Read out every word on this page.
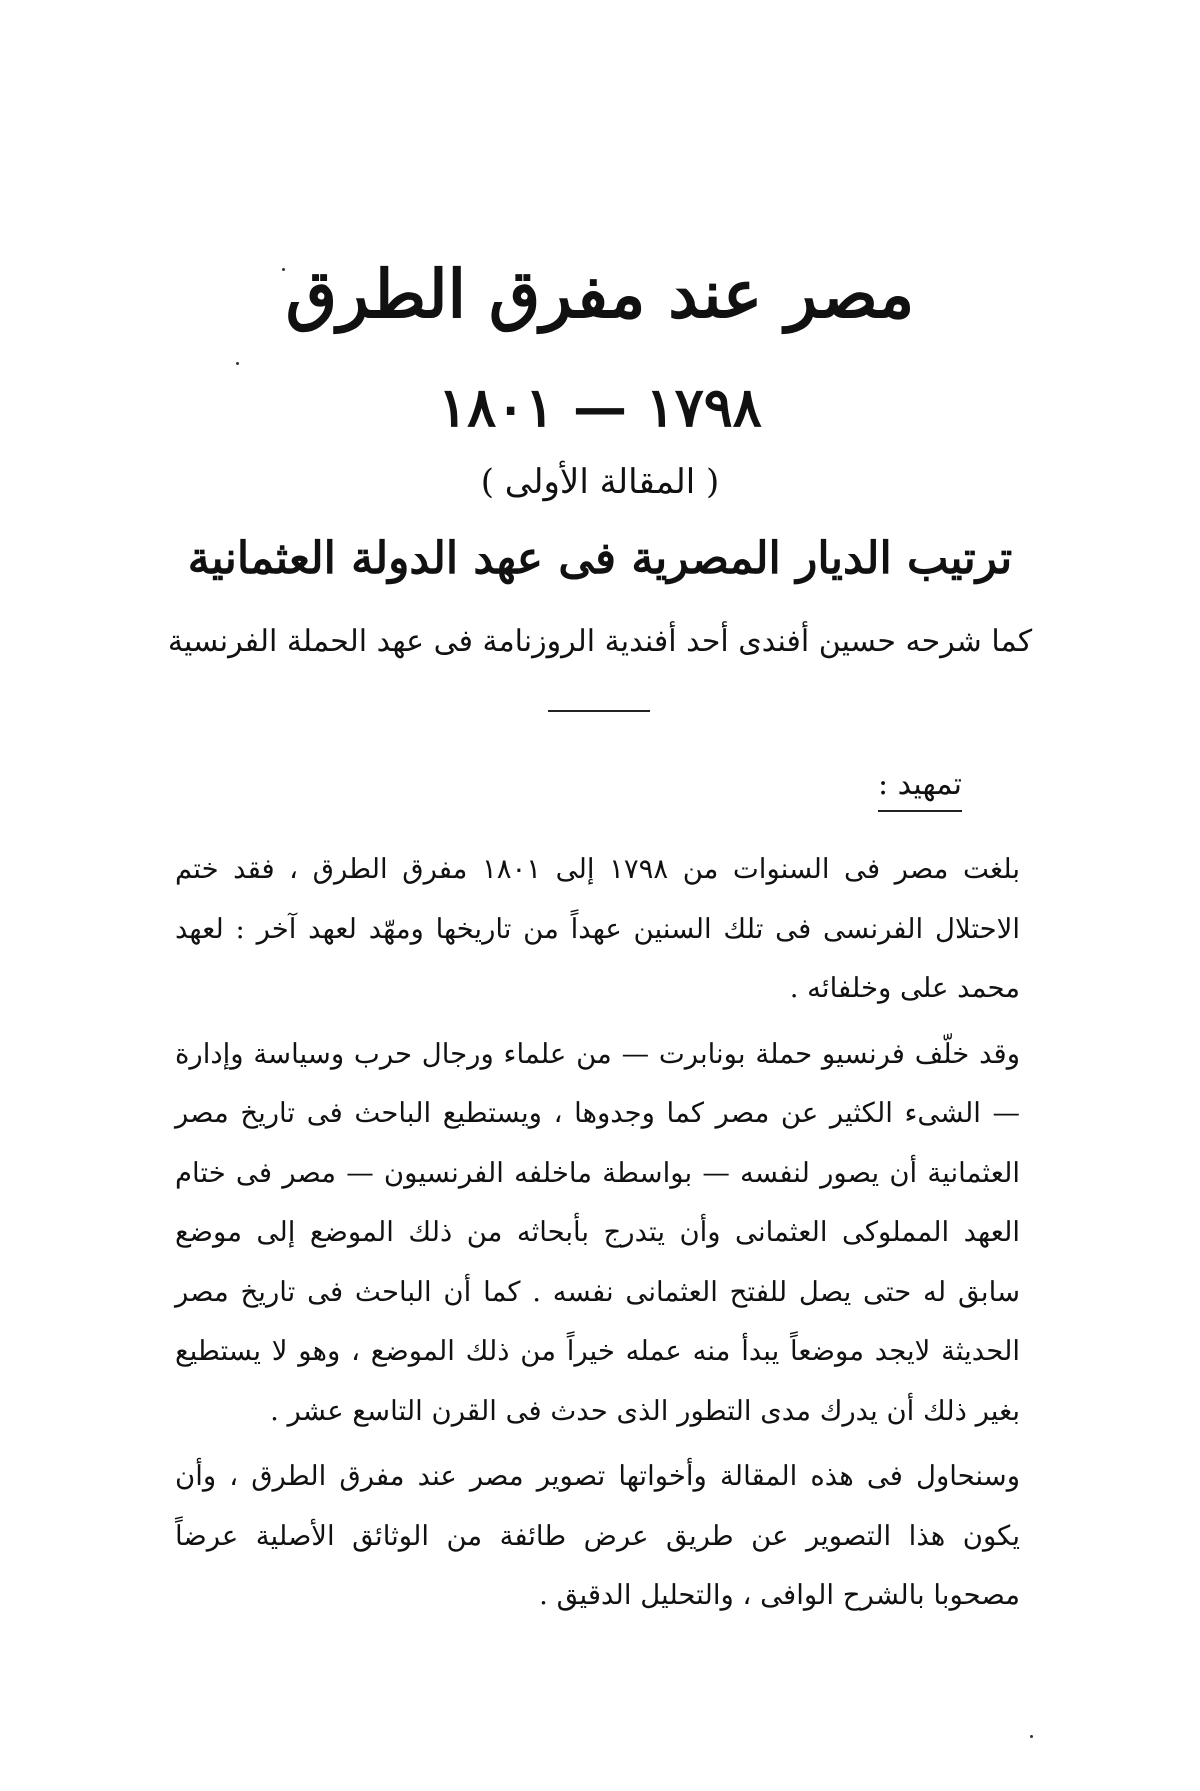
مصر عند مفرق الطرق
١٧٩٨ — ١٨٠١
( المقالة الأولى )
ترتيب الديار المصرية فى عهد الدولة العثمانية
كما شرحه حسين أفندى أحد أفندية الروزنامة فى عهد الحملة الفرنسية
تمهيد :

بلغت مصر فى السنوات من ١٧٩٨ إلى ١٨٠١ مفرق الطرق ، فقد ختم الاحتلال الفرنسى فى تلك السنين عهداً من تاريخها ومهّد لعهد آخر : لعهد محمد على وخلفائه .

وقد خلّف فرنسيو حملة بونابرت — من علماء ورجال حرب وسياسة وإدارة — الشىء الكثير عن مصر كما وجدوها ، ويستطيع الباحث فى تاريخ مصر العثمانية أن يصور لنفسه — بواسطة ماخلفه الفرنسيون — مصر فى ختام العهد المملوكى العثمانى وأن يتدرج بأبحاثه من ذلك الموضع إلى موضع سابق له حتى يصل للفتح العثمانى نفسه . كما أن الباحث فى تاريخ مصر الحديثة لايجد موضعاً يبدأ منه عمله خيراً من ذلك الموضع ، وهو لا يستطيع بغير ذلك أن يدرك مدى التطور الذى حدث فى القرن التاسع عشر .

وسنحاول فى هذه المقالة وأخواتها تصوير مصر عند مفرق الطرق ، وأن يكون هذا التصوير عن طريق عرض طائفة من الوثائق الأصلية عرضاً مصحوبا بالشرح الوافى ، والتحليل الدقيق .
